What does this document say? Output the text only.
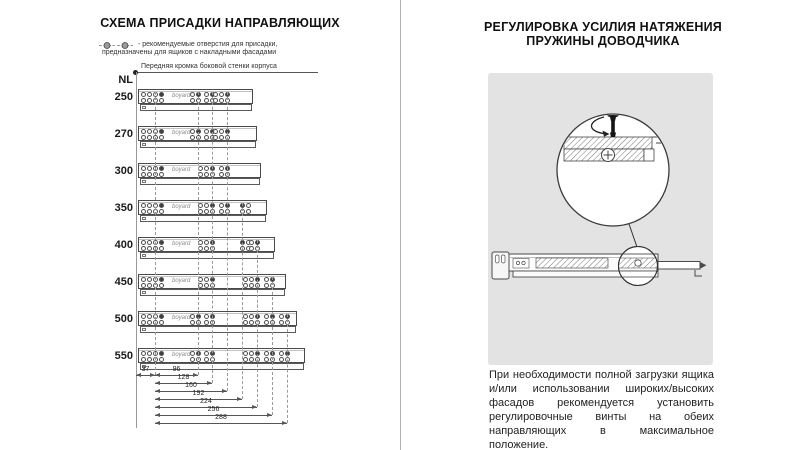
СХЕМА ПРИСАДКИ НАПРАВЛЯЮЩИХ
- рекомендуемые отверстия для присадки,
предназначены для ящиков с накладными фасадами
Передняя кромка боковой стенки корпуса
NL
250	boyard
270	boyard
300	boyard
350	boyard
400	boyard
450	boyard
500	boyard
550	boyard
37	96
128
160
192
224
256
288
РЕГУЛИРОВКА УСИЛИЯ НАТЯЖЕНИЯ
ПРУЖИНЫ ДОВОДЧИКА
При необходимости полной загрузки ящика и/или использовании широких/высоких фасадов рекомендуется установить регулировочные винты на обеих направляющих в максимальное положение.
